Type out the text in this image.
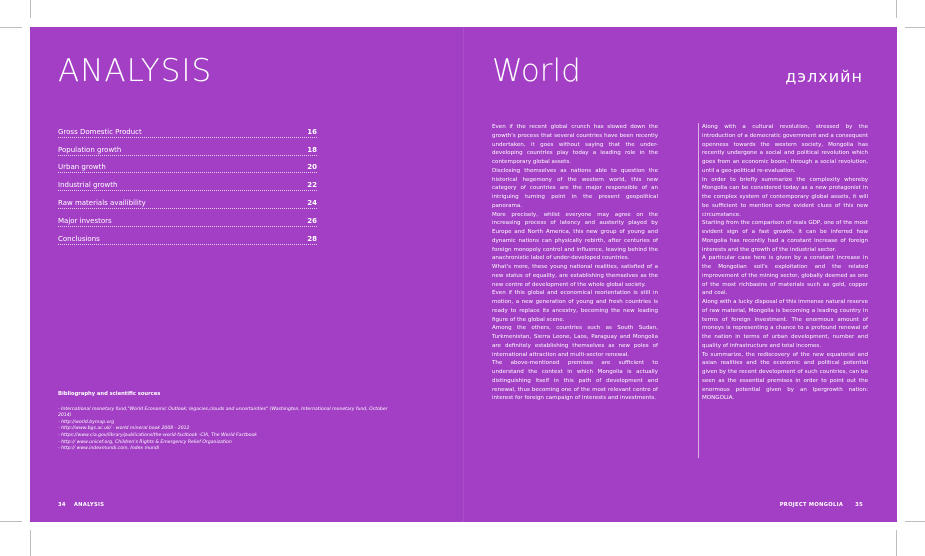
ANALYSIS
Gross Domestic Product	16
Population growth	18
Urban growth	20
Industrial growth	22
Raw materials availibility	24
Major investors	26
Conclusions	28
Bibliography and scientific sources
- International monetary fund,"World Economic Outlook; legacies,clouds and uncertainties" (Washington, International monetary fund, October 2014)
- http://world.bymap.org
- http://www.bgs.ac.uk/ - world mineral book 2008 - 2012
- https://www.cia.gov/library/publications/the-world-factbook -CIA, The World Factbook
- http:// www.unicef.org, Children's Rights & Emergency Relief Organization
- http:// www.indexmundi.com, Index mundi
34 ANALYSIS
World	дэлхийн

Even if the recent global crunch has slowed down the growth's process that several countries have been recently undertaken, it goes without saying that the under-developing countries play today a leading role in the contemporary global assets.

Disclosing themselves as nations able to question the historical hegemony of the western world, this new category of countries are the major responsible of an intriguing turning point in the present geopolitical panorama.

More precisely, whilst everyone may agree on the increasing process of latency and austerity played by Europe and North America, this new group of young and dynamic nations can physically rebirth, after centuries of foreign monopoly control and influence, leaving behind the anachronistic label of under-developed countries.

What's more, these young national realities, satisfied of a new status of equality, are establishing themselves as the new centre of development of the whole global society.

Even if this global and economical reorientation is still in motion, a new generation of young and fresh countries is ready to replace its ancestry, becoming the new leading figure of the global scene.

Among the others, countries such as South Sudan, Turkmenistan, Sierra Leone, Laos, Paraguay and Mongolia are definitely establishing themselves as new poles of international attraction and multi-sector renewal.

The above-mentioned premises are sufficient to understand the context in which Mongolia is actually distinguishing itself in this path of development and renewal, thus becoming one of the most relevant centre of interest for foreign campaign of interests and investments.

Along with a cultural revolution, stressed by the introduction of a democratic government and a consequent openness towards the western society, Mongolia has recently undergone a social and political revolution which goes from an economic boom, through a social revolution, until a geo-political re-evaluation.

In order to briefly summarize the complexity whereby Mongolia can be considered today as a new protagonist in the complex system of contemporary global assets, it will be sufficient to mention some evident clues of this new circumstance.

Starting from the comparison of reals GDP, one of the most evident sign of a fast growth, it can be inferred how Mongolia has recently had a constant increase of foreign interests and the growth of the industrial sector.

A particular case here is given by a constant increase in the Mongolian soil's exploitation and the related improvement of the mining sector, globally deemed as one of the most richbasins of materials such as gold, copper and coal.

Along with a lucky disposal of this immense natural reserve of raw material, Mongolia is becoming a leading country in terms of foreign investment. The enormous amount of moneys is representing a chance to a profound renewal of the nation in terms of urban development, number and quality of infrastructure and total incomes.

To summarize, the rediscovery of the new equatorial and asian realities and the economic and political potential given by the recent development of such countries, can be seen as the essential premises in order to point out the enormous potential given by an lpergrowth nation: MONGOLIA.

PROJECT MONGOLIA 35
